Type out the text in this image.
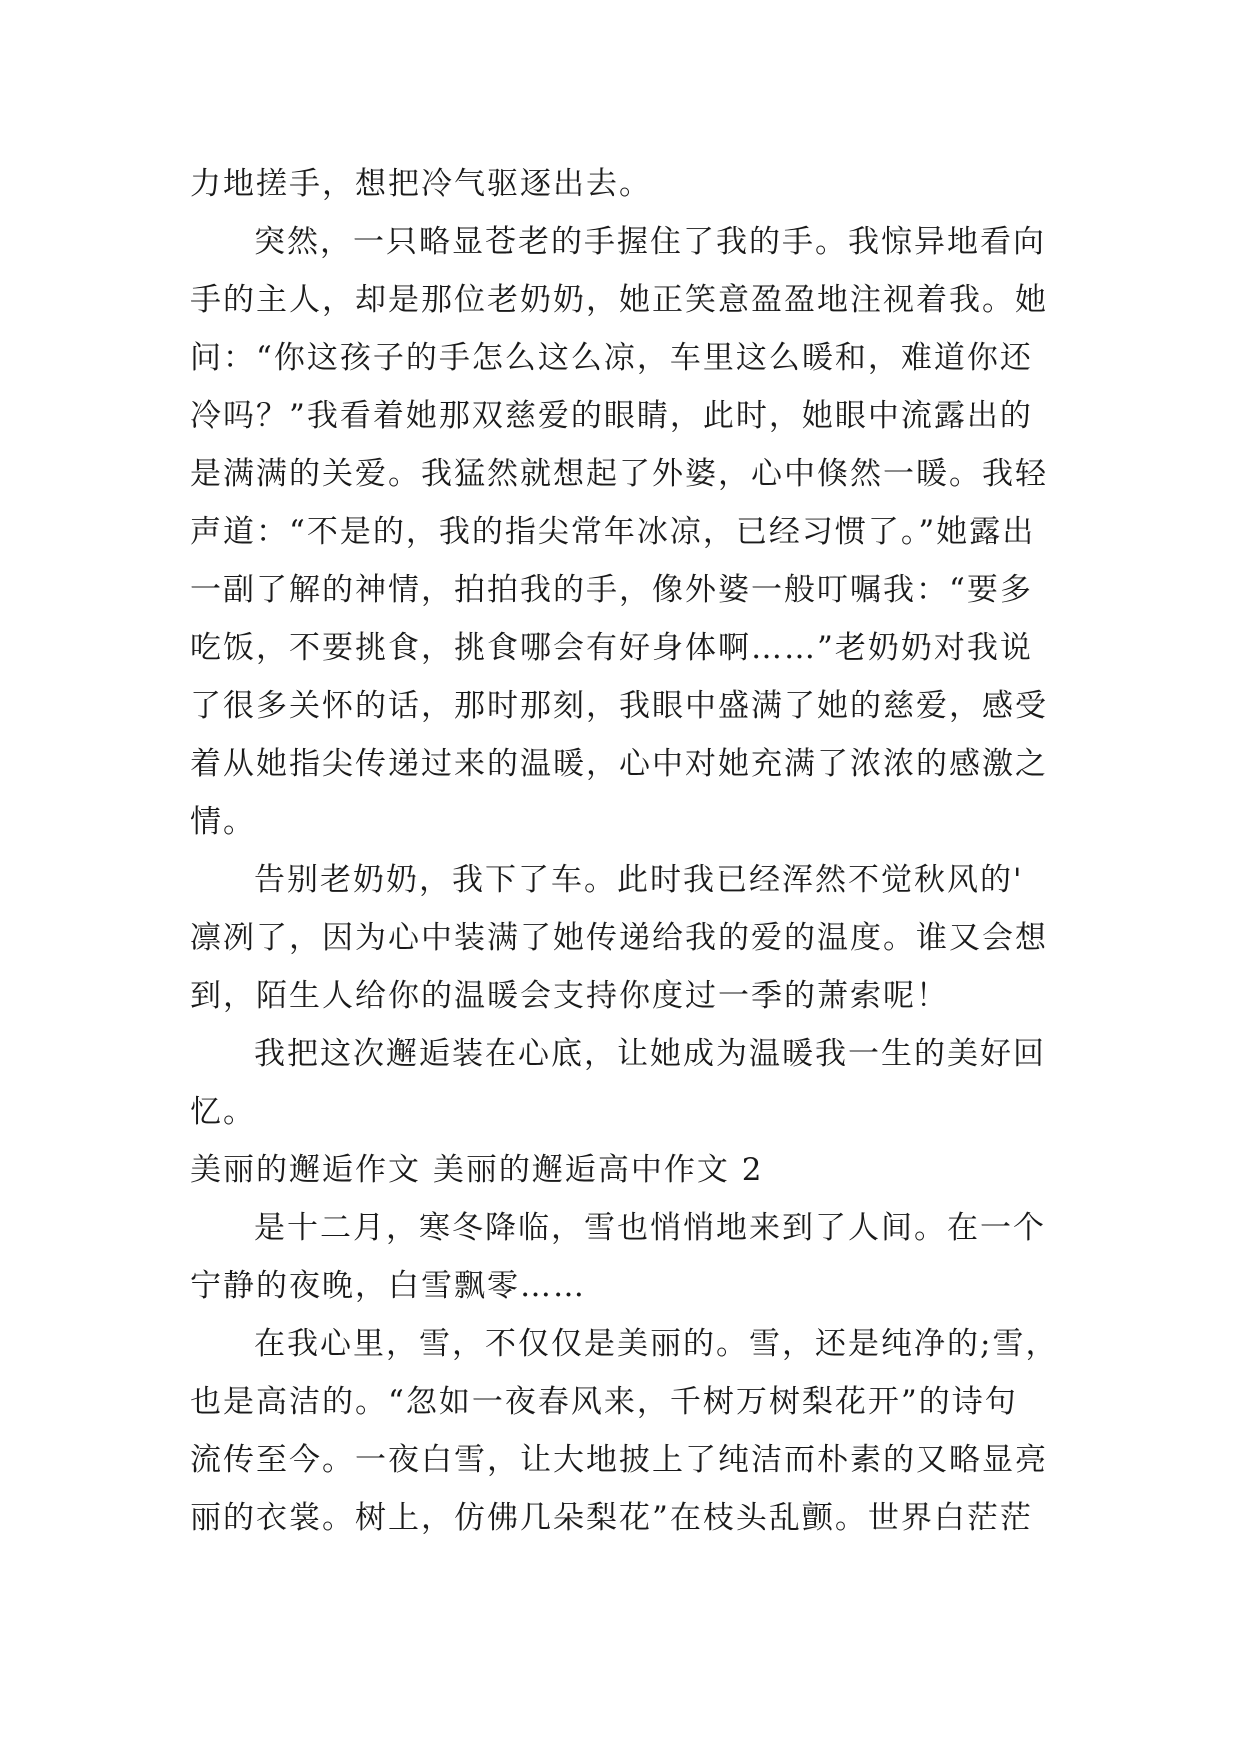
力地搓手，想把冷气驱逐出去。
突然，一只略显苍老的手握住了我的手。我惊异地看向
手的主人，却是那位老奶奶，她正笑意盈盈地注视着我。她
问：“你这孩子的手怎么这么凉，车里这么暖和，难道你还
冷吗？”我看着她那双慈爱的眼睛，此时，她眼中流露出的
是满满的关爱。我猛然就想起了外婆，心中倏然一暖。我轻
声道：“不是的，我的指尖常年冰凉，已经习惯了。”她露出
一副了解的神情，拍拍我的手，像外婆一般叮嘱我：“要多
吃饭，不要挑食，挑食哪会有好身体啊……”老奶奶对我说
了很多关怀的话，那时那刻，我眼中盛满了她的慈爱，感受
着从她指尖传递过来的温暖，心中对她充满了浓浓的感激之
情。
告别老奶奶，我下了车。此时我已经浑然不觉秋风的'
凛冽了，因为心中装满了她传递给我的爱的温度。谁又会想
到，陌生人给你的温暖会支持你度过一季的萧索呢！
我把这次邂逅装在心底，让她成为温暖我一生的美好回
忆。
美丽的邂逅作文 美丽的邂逅高中作文 2
是十二月，寒冬降临，雪也悄悄地来到了人间。在一个
宁静的夜晚，白雪飘零……
在我心里，雪，不仅仅是美丽的。雪，还是纯净的;雪，
也是高洁的。“忽如一夜春风来，千树万树梨花开”的诗句
流传至今。一夜白雪，让大地披上了纯洁而朴素的又略显亮
丽的衣裳。树上，仿佛几朵梨花”在枝头乱颤。世界白茫茫
